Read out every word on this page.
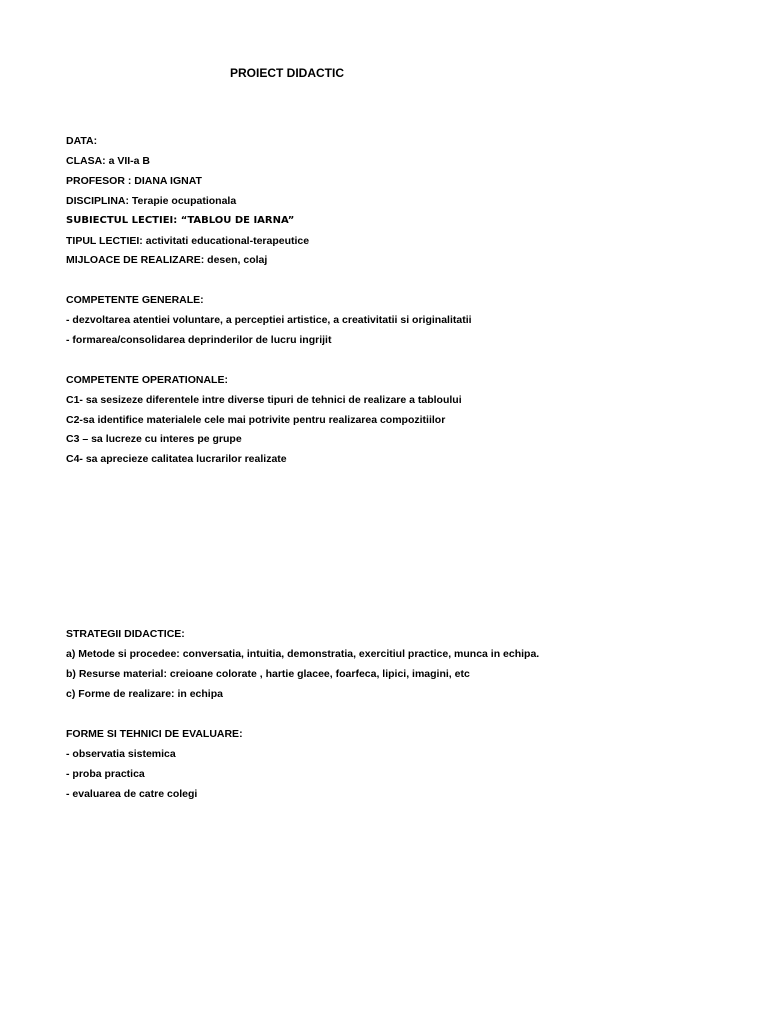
PROIECT DIDACTIC
DATA:
CLASA: a VII-a B
PROFESOR : DIANA IGNAT
DISCIPLINA: Terapie ocupationala
SUBIECTUL LECTIEI: “TABLOU DE IARNA”
TIPUL LECTIEI: activitati educational-terapeutice
MIJLOACE DE REALIZARE: desen, colaj
COMPETENTE GENERALE:
- dezvoltarea atentiei voluntare, a perceptiei artistice, a creativitatii si originalitatii
- formarea/consolidarea deprinderilor de lucru ingrijit
COMPETENTE OPERATIONALE:
C1- sa sesizeze diferentele intre diverse tipuri de tehnici de realizare a tabloului
C2-sa identifice materialele cele mai potrivite pentru realizarea compozitiilor
C3 – sa lucreze cu interes pe grupe
C4- sa aprecieze calitatea lucrarilor realizate
STRATEGII DIDACTICE:
a) Metode si procedee: conversatia, intuitia, demonstratia, exercitiul practice, munca in echipa.
b) Resurse material: creioane colorate , hartie glacee, foarfeca, lipici, imagini, etc
c) Forme de realizare: in echipa
FORME SI TEHNICI DE EVALUARE:
- observatia sistemica
- proba practica
- evaluarea de catre colegi
